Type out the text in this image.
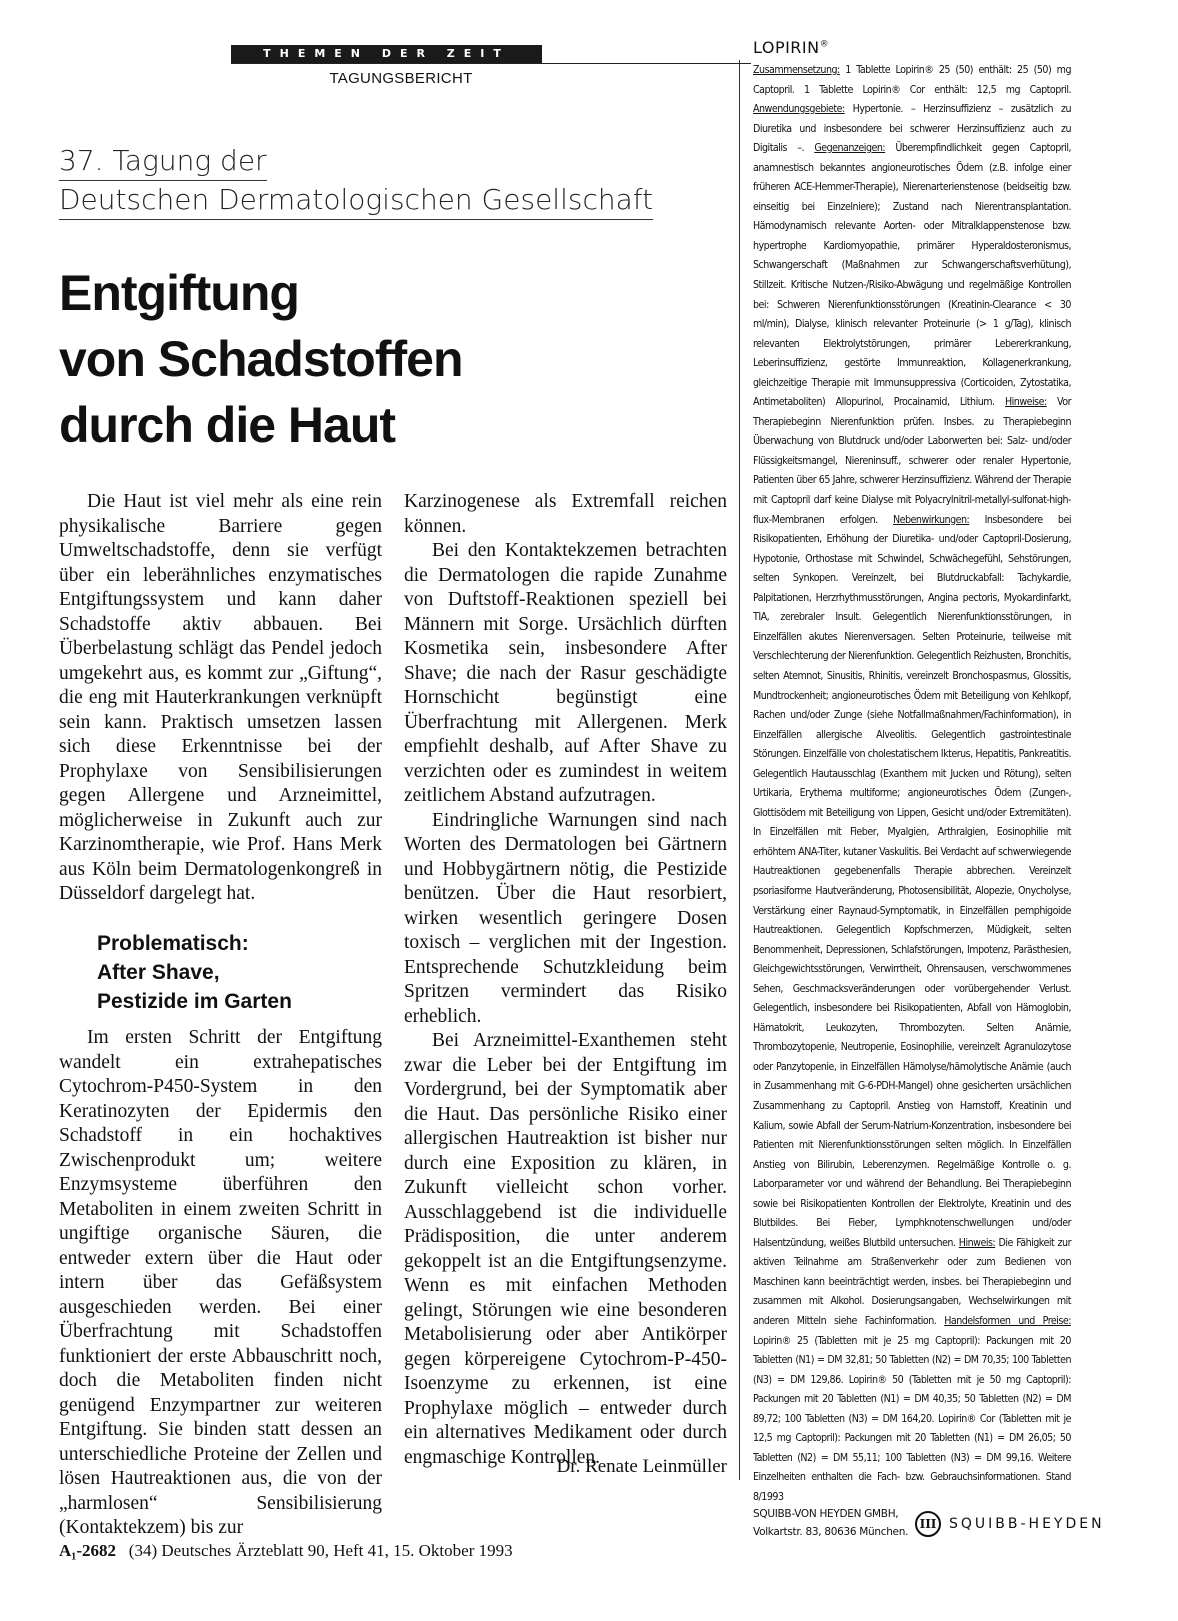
THEMEN DER ZEIT
TAGUNGSBERICHT
37. Tagung der
Deutschen Dermatologischen Gesellschaft
Entgiftung
von Schadstoffen
durch die Haut

Die Haut ist viel mehr als eine rein physikalische Barriere gegen Umweltschadstoffe, denn sie verfügt über ein leberähnliches enzymatisches Entgiftungssystem und kann daher Schadstoffe aktiv abbauen. Bei Überbelastung schlägt das Pendel jedoch umgekehrt aus, es kommt zur „Giftung“, die eng mit Hauterkrankungen verknüpft sein kann. Praktisch umsetzen lassen sich diese Erkenntnisse bei der Prophylaxe von Sensibilisierungen gegen Allergene und Arzneimittel, möglicherweise in Zukunft auch zur Karzinomtherapie, wie Prof. Hans Merk aus Köln beim Dermatologenkongreß in Düsseldorf dargelegt hat.

Problematisch:
After Shave,
Pestizide im Garten

Im ersten Schritt der Entgiftung wandelt ein extrahepatisches Cytochrom-P450-System in den Keratinozyten der Epidermis den Schadstoff in ein hochaktives Zwischenprodukt um; weitere Enzymsysteme überführen den Metaboliten in einem zweiten Schritt in ungiftige organische Säuren, die entweder extern über die Haut oder intern über das Gefäßsystem ausgeschieden werden. Bei einer Überfrachtung mit Schadstoffen funktioniert der erste Abbauschritt noch, doch die Metaboliten finden nicht genügend Enzympartner zur weiteren Entgiftung. Sie binden statt dessen an unterschiedliche Proteine der Zellen und lösen Hautreaktionen aus, die von der „harmlosen“ Sensibilisierung (Kontaktekzem) bis zur

Karzinogenese als Extremfall reichen können.

Bei den Kontaktekzemen betrachten die Dermatologen die rapide Zunahme von Duftstoff-Reaktionen speziell bei Männern mit Sorge. Ursächlich dürften Kosmetika sein, insbesondere After Shave; die nach der Rasur geschädigte Hornschicht begünstigt eine Überfrachtung mit Allergenen. Merk empfiehlt deshalb, auf After Shave zu verzichten oder es zumindest in weitem zeitlichem Abstand aufzutragen.

Eindringliche Warnungen sind nach Worten des Dermatologen bei Gärtnern und Hobbygärtnern nötig, die Pestizide benützen. Über die Haut resorbiert, wirken wesentlich geringere Dosen toxisch – verglichen mit der Ingestion. Entsprechende Schutzkleidung beim Spritzen vermindert das Risiko erheblich.

Bei Arzneimittel-Exanthemen steht zwar die Leber bei der Entgiftung im Vordergrund, bei der Symptomatik aber die Haut. Das persönliche Risiko einer allergischen Hautreaktion ist bisher nur durch eine Exposition zu klären, in Zukunft vielleicht schon vorher. Ausschlaggebend ist die individuelle Prädisposition, die unter anderem gekoppelt ist an die Entgiftungsenzyme. Wenn es mit einfachen Methoden gelingt, Störungen wie eine besonderen Metabolisierung oder aber Antikörper gegen körpereigene Cytochrom-P-450-Isoenzyme zu erkennen, ist eine Prophylaxe möglich – entweder durch ein alternatives Medikament oder durch engmaschige Kontrollen.

Dr. Renate Leinmüller
A₁-2682 (34) Deutsches Ärzteblatt 90, Heft 41, 15. Oktober 1993
LOPIRIN®
Zusammensetzung: 1 Tablette Lopirin® 25 (50) enthält: 25 (50) mg Captopril. 1 Tablette Lopirin® Cor enthält: 12,5 mg Captopril. Anwendungsgebiete: Hypertonie. – Herzinsuffizienz – zusätzlich zu Diuretika und insbesondere bei schwerer Herzinsuffizienz auch zu Digitalis –. Gegenanzeigen: Überempfindlichkeit gegen Captopril, anamnestisch bekanntes angioneurotisches Ödem (z.B. infolge einer früheren ACE-Hemmer-Therapie), Nierenarterienstenose (beidseitig bzw. einseitig bei Einzelniere); Zustand nach Nierentransplantation. Hämodynamisch relevante Aorten- oder Mitralklappenstenose bzw. hypertrophe Kardiomyopathie, primärer Hyperaldosteronismus, Schwangerschaft (Maßnahmen zur Schwangerschaftsverhütung), Stillzeit. Kritische Nutzen-/Risiko-Abwägung und regelmäßige Kontrollen bei: Schweren Nierenfunktionsstörungen (Kreatinin-Clearance < 30 ml/min), Dialyse, klinisch relevanter Proteinurie (> 1 g/Tag), klinisch relevanten Elektrolytstörungen, primärer Lebererkrankung, Leberinsuffizienz, gestörte Immunreaktion, Kollagenerkrankung, gleichzeitige Therapie mit Immunsuppressiva (Corticoiden, Zytostatika, Antimetaboliten) Allopurinol, Procainamid, Lithium. Hinweise: Vor Therapiebeginn Nierenfunktion prüfen. Insbes. zu Therapiebeginn Überwachung von Blutdruck und/oder Laborwerten bei: Salz- und/oder Flüssigkeitsmangel, Niereninsuff., schwerer oder renaler Hypertonie, Patienten über 65 Jahre, schwerer Herzinsuffizienz. Während der Therapie mit Captopril darf keine Dialyse mit Polyacrylnitril-metallyl-sulfonat-high-flux-Membranen erfolgen. Nebenwirkungen: Insbesondere bei Risikopatienten, Erhöhung der Diuretika- und/oder Captopril-Dosierung, Hypotonie, Orthostase mit Schwindel, Schwächegefühl, Sehstörungen, selten Synkopen. Vereinzelt, bei Blutdruckabfall: Tachykardie, Palpitationen, Herzrhythmusstörungen, Angina pectoris, Myokardinfarkt, TIA, zerebraler Insult. Gelegentlich Nierenfunktionsstörungen, in Einzelfällen akutes Nierenversagen. Selten Proteinurie, teilweise mit Verschlechterung der Nierenfunktion. Gelegentlich Reizhusten, Bronchitis, selten Atemnot, Sinusitis, Rhinitis, vereinzelt Bronchospasmus, Glossitis, Mundtrockenheit; angioneurotisches Ödem mit Beteiligung von Kehlkopf, Rachen und/oder Zunge (siehe Notfallmaßnahmen/Fachinformation), in Einzelfällen allergische Alveolitis. Gelegentlich gastrointestinale Störungen. Einzelfälle von cholestatischem Ikterus, Hepatitis, Pankreatitis. Gelegentlich Hautausschlag (Exanthem mit Jucken und Rötung), selten Urtikaria, Erythema multiforme; angioneurotisches Ödem (Zungen-, Glottisödem mit Beteiligung von Lippen, Gesicht und/oder Extremitäten). In Einzelfällen mit Fieber, Myalgien, Arthralgien, Eosinophilie mit erhöhtem ANA-Titer, kutaner Vaskulitis. Bei Verdacht auf schwerwiegende Hautreaktionen gegebenenfalls Therapie abbrechen. Vereinzelt psoriasiforme Hautveränderung, Photosensibilität, Alopezie, Onycholyse, Verstärkung einer Raynaud-Symptomatik, in Einzelfällen pemphigoide Hautreaktionen. Gelegentlich Kopfschmerzen, Müdigkeit, selten Benommenheit, Depressionen, Schlafstörungen, Impotenz, Parästhesien, Gleichgewichtsstörungen, Verwirrtheit, Ohrensausen, verschwommenes Sehen, Geschmacksveränderungen oder vorübergehender Verlust. Gelegentlich, insbesondere bei Risikopatienten, Abfall von Hämoglobin, Hämatokrit, Leukozyten, Thrombozyten. Selten Anämie, Thrombozytopenie, Neutropenie, Eosinophilie, vereinzelt Agranulozytose oder Panzytopenie, in Einzelfällen Hämolyse/hämolytische Anämie (auch in Zusammenhang mit G-6-PDH-Mangel) ohne gesicherten ursächlichen Zusammenhang zu Captopril. Anstieg von Harnstoff, Kreatinin und Kalium, sowie Abfall der Serum-Natrium-Konzentration, insbesondere bei Patienten mit Nierenfunktionsstörungen selten möglich. In Einzelfällen Anstieg von Bilirubin, Leberenzymen. Regelmäßige Kontrolle o. g. Laborparameter vor und während der Behandlung. Bei Therapiebeginn sowie bei Risikopatienten Kontrollen der Elektrolyte, Kreatinin und des Blutbildes. Bei Fieber, Lymphknotenschwellungen und/oder Halsentzündung, weißes Blutbild untersuchen. Hinweis: Die Fähigkeit zur aktiven Teilnahme am Straßenverkehr oder zum Bedienen von Maschinen kann beeinträchtigt werden, insbes. bei Therapiebeginn und zusammen mit Alkohol. Dosierungsangaben, Wechselwirkungen mit anderen Mitteln siehe Fachinformation. Handelsformen und Preise: Lopirin® 25 (Tabletten mit je 25 mg Captopril): Packungen mit 20 Tabletten (N1) = DM 32,81; 50 Tabletten (N2) = DM 70,35; 100 Tabletten (N3) = DM 129,86. Lopirin® 50 (Tabletten mit je 50 mg Captopril): Packungen mit 20 Tabletten (N1) = DM 40,35; 50 Tabletten (N2) = DM 89,72; 100 Tabletten (N3) = DM 164,20. Lopirin® Cor (Tabletten mit je 12,5 mg Captopril): Packungen mit 20 Tabletten (N1) = DM 26,05; 50 Tabletten (N2) = DM 55,11; 100 Tabletten (N3) = DM 99,16. Weitere Einzelheiten enthalten die Fach- bzw. Gebrauchsinformationen. Stand 8/1993
SQUIBB-VON HEYDEN GMBH,
Volkartstr. 83, 80636 München.
III SQUIBB-HEYDEN
